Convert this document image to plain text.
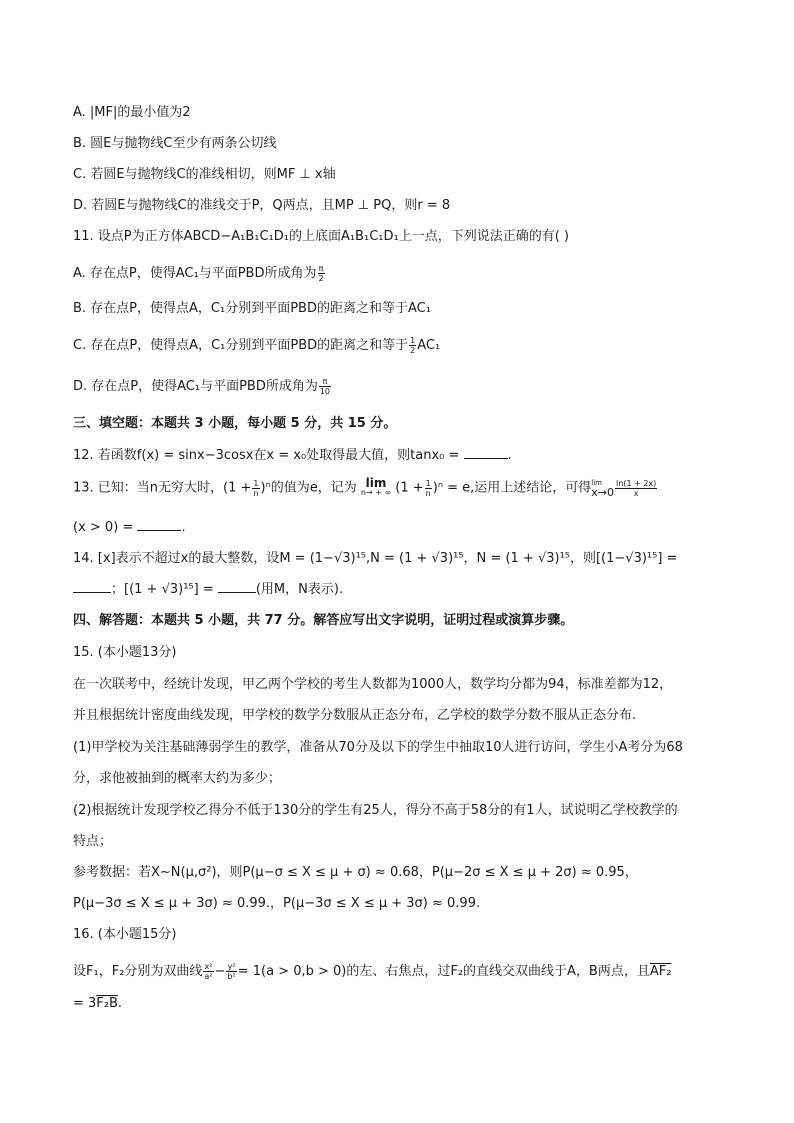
A. |MF|的最小值为2
B. 圆E与抛物线C至少有两条公切线
C. 若圆E与抛物线C的准线相切，则MF ⊥ x轴
D. 若圆E与抛物线C的准线交于P，Q两点，且MP ⊥ PQ，则r = 8
11. 设点P为正方体ABCD−A₁B₁C₁D₁的上底面A₁B₁C₁D₁上一点，下列说法正确的有( )
A. 存在点P，使得AC₁与平面PBD所成角为 $\frac{\pi}{2}$
B. 存在点P，使得点A，C₁分别到平面PBD的距离之和等于AC₁
C. 存在点P，使得点A，C₁分别到平面PBD的距离之和等于 $\frac{1}{2} AC_1$
D. 存在点P，使得AC₁与平面PBD所成角为 $\frac{\pi}{10}$
三、填空题：本题共 3 小题，每小题 5 分，共 15 分。
12. 若函数f(x) = sinx−3cosx在x = x₀处取得最大值，则tanx₀ =	.
13. 已知：当n无穷大时，$(1 + \frac{1}{n} )^n$的值为e，记为 lim
n→ + ∞ $(1 + \frac{1}{n} )^n = e$,运用上述结论，可得 lim
$x\to 0 \frac{\ln(1 + 2x)}{x}$
(x > 0) =	.
14. [x]表示不超过x的最大整数，设M = (1−√3)¹⁵,N = (1 + √3)¹⁵，N = (1 + √3)¹⁵，则[(1−√3)¹⁵] =
；[(1 + √3)¹⁵] =	(用M，N表示).
四、解答题：本题共 5 小题，共 77 分。解答应写出文字说明，证明过程或演算步骤。
15. (本小题13分)
在一次联考中，经统计发现，甲乙两个学校的考生人数都为1000人，数学均分都为94，标准差都为12，
并且根据统计密度曲线发现，甲学校的数学分数服从正态分布，乙学校的数学分数不服从正态分布.
(1)甲学校为关注基础薄弱学生的教学，准备从70分及以下的学生中抽取10人进行访问，学生小A考分为68
分，求他被抽到的概率大约为多少；
(2)根据统计发现学校乙得分不低于130分的学生有25人，得分不高于58分的有1人，试说明乙学校教学的
特点；
参考数据：若X∼N(μ,σ²)，则P(μ−σ ≤ X ≤ μ + σ) ≈ 0.68，P(μ−2σ ≤ X ≤ μ + 2σ) ≈ 0.95，
P(μ−3σ ≤ X ≤ μ + 3σ) ≈ 0.99.，P(μ−3σ ≤ X ≤ μ + 3σ) ≈ 0.99.
16. (本小题15分)
设F₁，F₂分别为双曲线 $\frac{\text{x²}}{\text{a²}} - \frac{\text{y²}}{\text{b²}} = 1(a > 0,b > 0)$的左、右焦点，过F₂的直线交双曲线于A，B两点，且AF₂
= 3F₂B.
